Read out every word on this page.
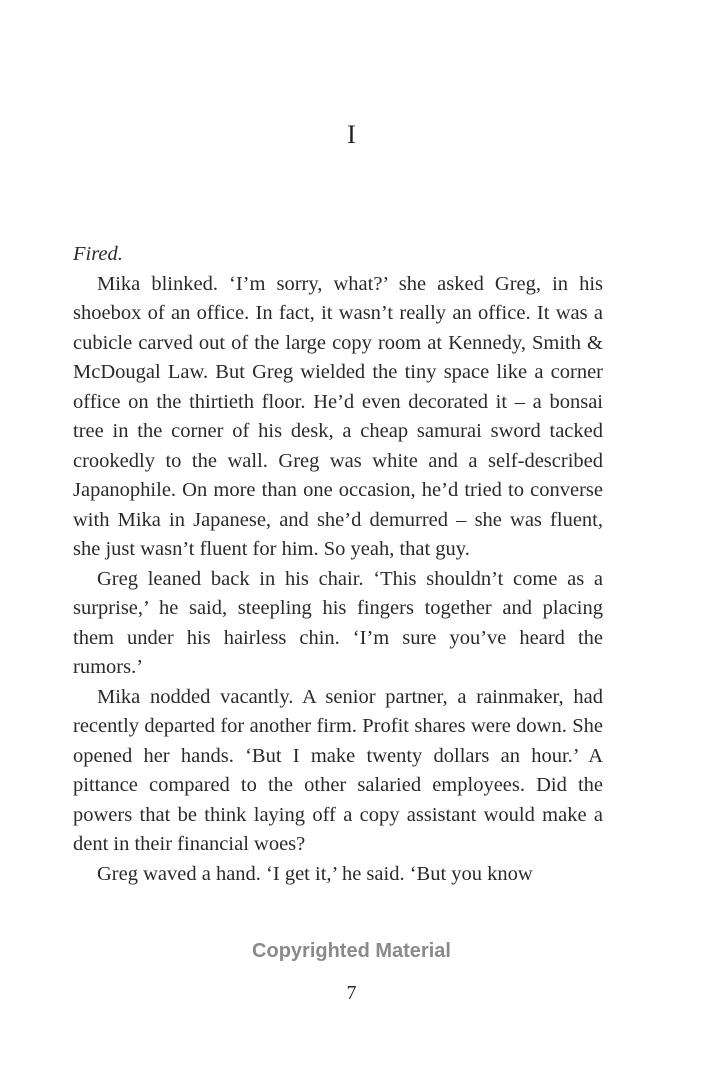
I

Fired.

Mika blinked. ‘I’m sorry, what?’ she asked Greg, in his shoebox of an office. In fact, it wasn’t really an office. It was a cubicle carved out of the large copy room at Kennedy, Smith & McDougal Law. But Greg wielded the tiny space like a corner office on the thirtieth floor. He’d even decorated it – a bonsai tree in the corner of his desk, a cheap samurai sword tacked crookedly to the wall. Greg was white and a self-described Japanophile. On more than one occasion, he’d tried to converse with Mika in Japanese, and she’d demurred – she was fluent, she just wasn’t fluent for him. So yeah, that guy.

Greg leaned back in his chair. ‘This shouldn’t come as a surprise,’ he said, steepling his fingers together and placing them under his hairless chin. ‘I’m sure you’ve heard the rumors.’

Mika nodded vacantly. A senior partner, a rainmaker, had recently departed for another firm. Profit shares were down. She opened her hands. ‘But I make twenty dollars an hour.’ A pittance compared to the other salaried employees. Did the powers that be think laying off a copy assistant would make a dent in their financial woes?

Greg waved a hand. ‘I get it,’ he said. ‘But you know

Copyrighted Material
7
